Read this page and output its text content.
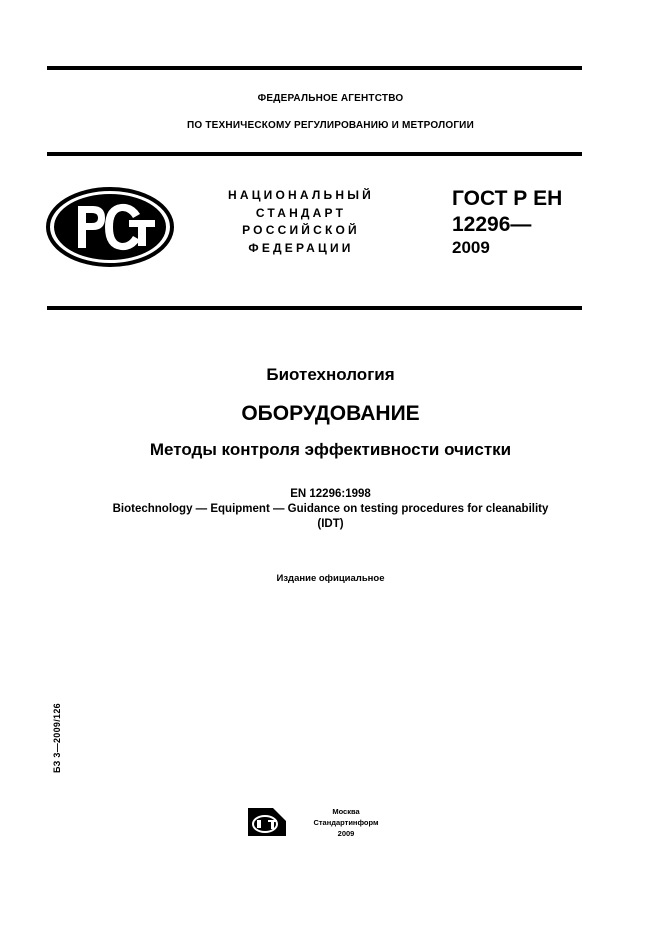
ФЕДЕРАЛЬНОЕ АГЕНТСТВО
ПО ТЕХНИЧЕСКОМУ РЕГУЛИРОВАНИЮ И МЕТРОЛОГИИ
НАЦИОНАЛЬНЫЙ
СТАНДАРТ
РОССИЙСКОЙ
ФЕДЕРАЦИИ
ГОСТ Р ЕН
12296—
2009
Биотехнология
ОБОРУДОВАНИЕ
Методы контроля эффективности очистки
EN 12296:1998
Biotechnology — Equipment — Guidance on testing procedures for cleanability
(IDT)
Издание официальное
БЗ 3—2009/126
Москва
Стандартинформ
2009
